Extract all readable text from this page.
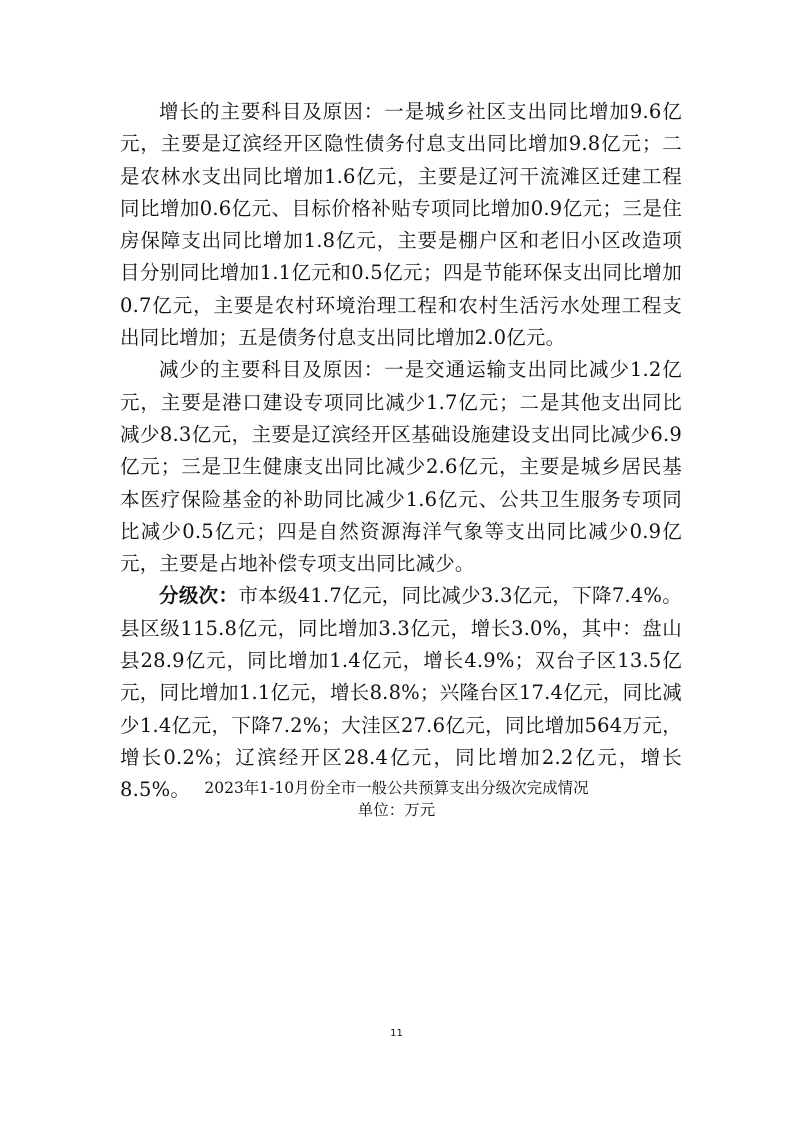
增长的主要科目及原因：一是城乡社区支出同比增加9.6亿元，主要是辽滨经开区隐性债务付息支出同比增加9.8亿元；二是农林水支出同比增加1.6亿元，主要是辽河干流滩区迁建工程同比增加0.6亿元、目标价格补贴专项同比增加0.9亿元；三是住房保障支出同比增加1.8亿元，主要是棚户区和老旧小区改造项目分别同比增加1.1亿元和0.5亿元；四是节能环保支出同比增加0.7亿元，主要是农村环境治理工程和农村生活污水处理工程支出同比增加；五是债务付息支出同比增加2.0亿元。

减少的主要科目及原因：一是交通运输支出同比减少1.2亿元，主要是港口建设专项同比减少1.7亿元；二是其他支出同比减少8.3亿元，主要是辽滨经开区基础设施建设支出同比减少6.9亿元；三是卫生健康支出同比减少2.6亿元，主要是城乡居民基本医疗保险基金的补助同比减少1.6亿元、公共卫生服务专项同比减少0.5亿元；四是自然资源海洋气象等支出同比减少0.9亿元，主要是占地补偿专项支出同比减少。

分级次：市本级41.7亿元，同比减少3.3亿元，下降7.4%。县区级115.8亿元，同比增加3.3亿元，增长3.0%，其中：盘山县28.9亿元，同比增加1.4亿元，增长4.9%；双台子区13.5亿元，同比增加1.1亿元，增长8.8%；兴隆台区17.4亿元，同比减少1.4亿元，下降7.2%；大洼区27.6亿元，同比增加564万元，增长0.2%；辽滨经开区28.4亿元，同比增加2.2亿元，增长8.5%。 2023年1-10月份全市一般公共预算支出分级次完成情况
单位：万元
11
